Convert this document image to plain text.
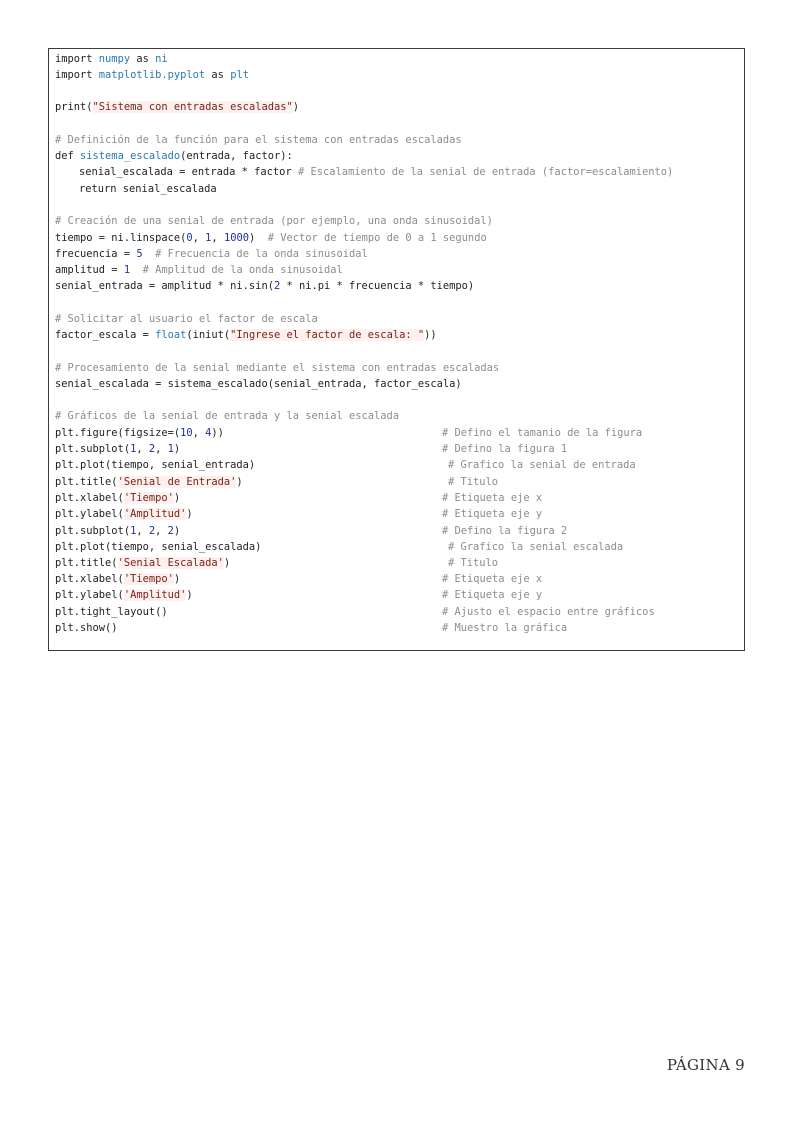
import numpy as ni
import matplotlib.pyplot as plt
print("Sistema con entradas escaladas")
# Definición de la función para el sistema con entradas escaladas
def sistema_escalado(entrada, factor):
senial_escalada = entrada * factor # Escalamiento de la senial de entrada (factor=escalamiento)
return senial_escalada
# Creación de una senial de entrada (por ejemplo, una onda sinusoidal)
tiempo = ni.linspace(0, 1, 1000)  # Vector de tiempo de 0 a 1 segundo
frecuencia = 5 # Frecuencia de la onda sinusoidal
amplitud = 1 # Amplitud de la onda sinusoidal
senial_entrada = amplitud * ni.sin(2 * ni.pi * frecuencia * tiempo)
# Solicitar al usuario el factor de escala
factor_escala = float(iniut("Ingrese el factor de escala: "))
# Procesamiento de la senial mediante el sistema con entradas escaladas
senial_escalada = sistema_escalado(senial_entrada, factor_escala)
# Gráficos de la senial de entrada y la senial escalada
plt.figure(figsize=(10, 4))	# Defino el tamanio de la figura
plt.subplot(1, 2, 1)	# Defino la figura 1
plt.plot(tiempo, senial_entrada)	# Grafico la senial de entrada
plt.title('Senial de Entrada')	# Titulo
plt.xlabel('Tiempo')	# Etiqueta eje x
plt.ylabel('Amplitud')	# Etiqueta eje y
plt.subplot(1, 2, 2)	# Defino la figura 2
plt.plot(tiempo, senial_escalada)	# Grafico la senial escalada
plt.title('Senial Escalada')	# Titulo
plt.xlabel('Tiempo')	# Etiqueta eje x
plt.ylabel('Amplitud')	# Etiqueta eje y
plt.tight_layout()	# Ajusto el espacio entre gráficos
plt.show()	# Muestro la gráfica
PÁGINA 9
